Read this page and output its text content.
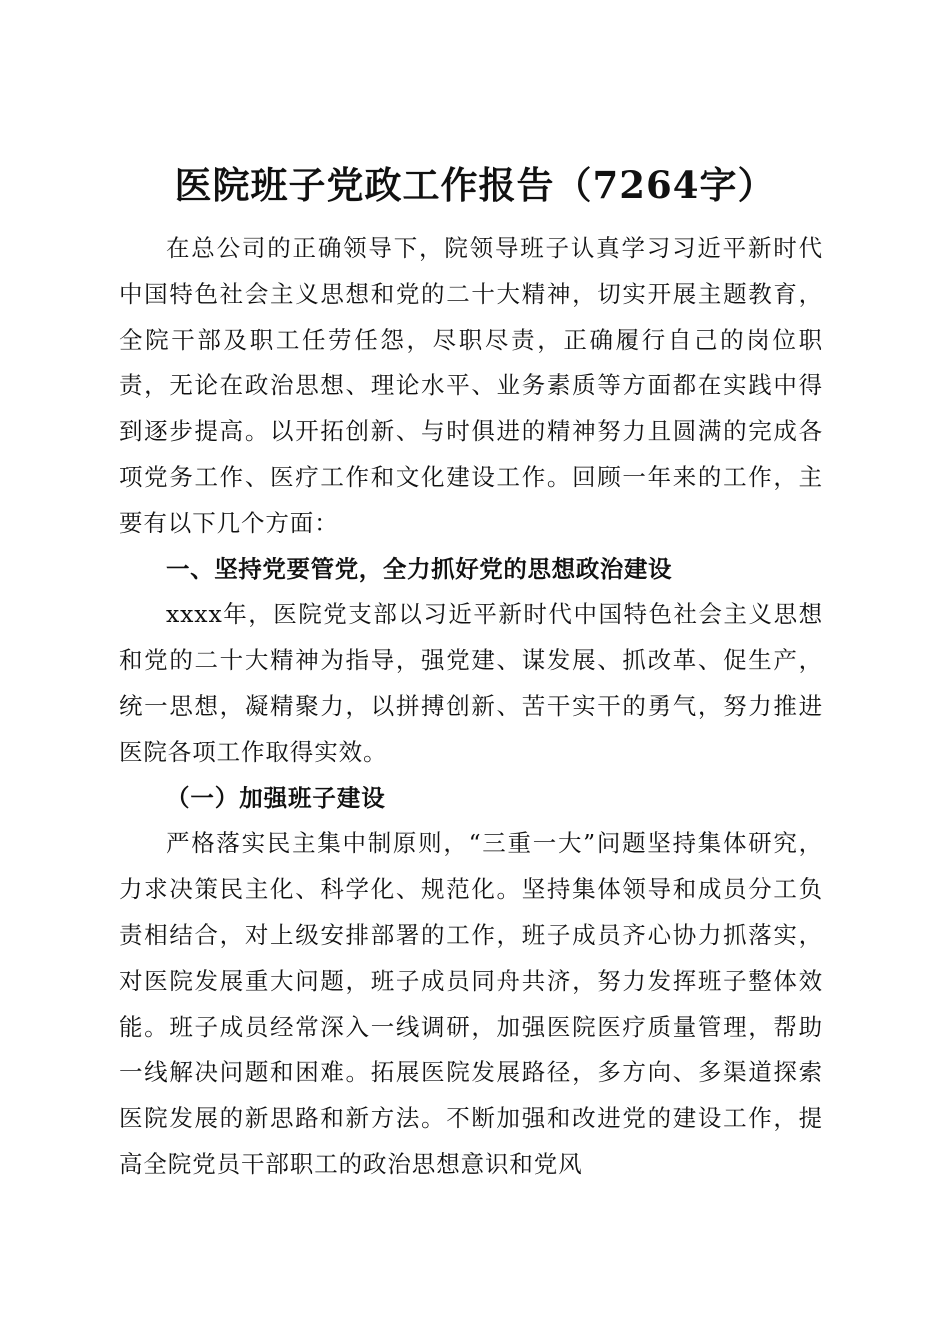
医院班子党政工作报告（7264字）

在总公司的正确领导下，院领导班子认真学习习近平新时代中国特色社会主义思想和党的二十大精神，切实开展主题教育，全院干部及职工任劳任怨，尽职尽责，正确履行自己的岗位职责，无论在政治思想、理论水平、业务素质等方面都在实践中得到逐步提高。以开拓创新、与时俱进的精神努力且圆满的完成各项党务工作、医疗工作和文化建设工作。回顾一年来的工作，主要有以下几个方面：

一、坚持党要管党，全力抓好党的思想政治建设

xxxx年，医院党支部以习近平新时代中国特色社会主义思想和党的二十大精神为指导，强党建、谋发展、抓改革、促生产，统一思想，凝精聚力，以拼搏创新、苦干实干的勇气，努力推进医院各项工作取得实效。

（一）加强班子建设

严格落实民主集中制原则，“三重一大”问题坚持集体研究，力求决策民主化、科学化、规范化。坚持集体领导和成员分工负责相结合，对上级安排部署的工作，班子成员齐心协力抓落实，对医院发展重大问题，班子成员同舟共济，努力发挥班子整体效能。班子成员经常深入一线调研，加强医院医疗质量管理，帮助一线解决问题和困难。拓展医院发展路径，多方向、多渠道探索医院发展的新思路和新方法。不断加强和改进党的建设工作，提高全院党员干部职工的政治思想意识和党风
